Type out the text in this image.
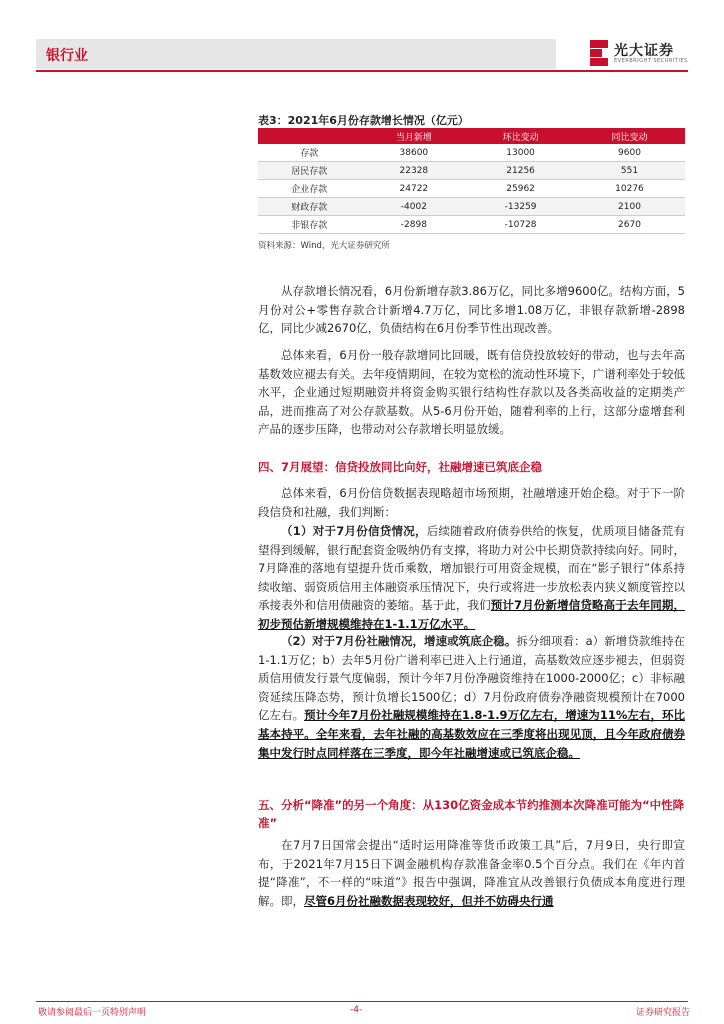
银行业	光大证券
EVERBRIGHT SECURITIES
表3：2021年6月份存款增长情况（亿元）
	当月新增	环比变动	同比变动
存款	38600	13000	9600
居民存款	22328	21256	551
企业存款	24722	25962	10276
财政存款	-4002	-13259	2100
非银存款	-2898	-10728	2670
资料来源：Wind，光大证券研究所

从存款增长情况看，6月份新增存款3.86万亿，同比多增9600亿。结构方面，5月份对公+零售存款合计新增4.7万亿，同比多增1.08万亿，非银存款新增-2898亿，同比少减2670亿，负债结构在6月份季节性出现改善。

总体来看，6月份一般存款增同比回暖，既有信贷投放较好的带动，也与去年高基数效应褪去有关。去年疫情期间，在较为宽松的流动性环境下，广谱利率处于较低水平，企业通过短期融资并将资金购买银行结构性存款以及各类高收益的定期类产品，进而推高了对公存款基数。从5-6月份开始，随着利率的上行，这部分虚增套利产品的逐步压降，也带动对公存款增长明显放缓。

四、7月展望：信贷投放同比向好，社融增速已筑底企稳

总体来看，6月份信贷数据表现略超市场预期，社融增速开始企稳。对于下一阶段信贷和社融，我们判断：

（1）对于7月份信贷情况，后续随着政府债券供给的恢复，优质项目储备荒有望得到缓解，银行配套资金吸纳仍有支撑，将助力对公中长期贷款持续向好。同时，7月降准的落地有望提升货币乘数，增加银行可用资金规模，而在“影子银行”体系持续收缩、弱资质信用主体融资承压情况下，央行或将进一步放松表内狭义额度管控以承接表外和信用债融资的萎缩。基于此，我们预计7月份新增信贷略高于去年同期，初步预估新增规模维持在1-1.1万亿水平。

（2）对于7月份社融情况，增速或筑底企稳。拆分细项看：a）新增贷款维持在1-1.1万亿；b）去年5月份广谱利率已进入上行通道，高基数效应逐步褪去，但弱资质信用债发行景气度偏弱，预计今年7月份净融资维持在1000-2000亿；c）非标融资延续压降态势，预计负增长1500亿；d）7月份政府债券净融资规模预计在7000亿左右。预计今年7月份社融规模维持在1.8-1.9万亿左右，增速为11%左右，环比基本持平。全年来看，去年社融的高基数效应在三季度将出现见顶，且今年政府债券集中发行时点同样落在三季度，即今年社融增速或已筑底企稳。

五、分析“降准”的另一个角度：从130亿资金成本节约推测本次降准可能为“中性降准”

在7月7日国常会提出“适时运用降准等货币政策工具”后，7月9日，央行即宣布，于2021年7月15日下调金融机构存款准备金率0.5个百分点。我们在《年内首提“降准”，不一样的“味道”》报告中强调，降准宜从改善银行负债成本角度进行理解。即，尽管6月份社融数据表现较好，但并不妨碍央行通

敬请参阅最后一页特别声明	-4-	证券研究报告
